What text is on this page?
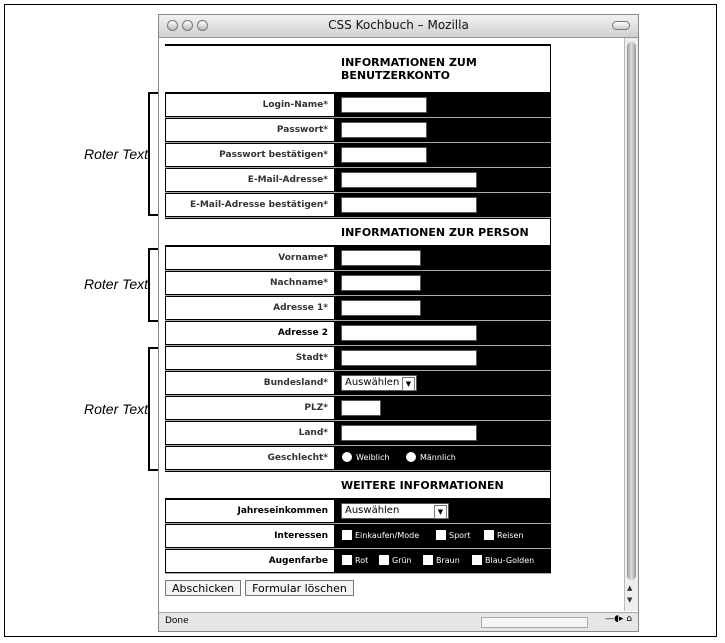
Roter Text
Roter Text
Roter Text
CSS Kochbuch – Mozilla
▲
▼
Done	—◖▸ ⌂
INFORMATIONEN ZUM BENUTZERKONTO
Login-Name*
Passwort*
Passwort bestätigen*
E-Mail-Adresse*
E-Mail-Adresse bestätigen*
INFORMATIONEN ZUR PERSON
Vorname*
Nachname*
Adresse 1*
Adresse 2
Stadt*
Bundesland*	Auswählen ▼
PLZ*
Land*
Geschlecht*	Weiblich	Männlich
WEITERE INFORMATIONEN
Jahreseinkommen	Auswählen	▼
Interessen	Einkaufen/Mode	Sport	Reisen
Augenfarbe	Rot	Grün	Braun	Blau-Golden
Abschicken	Formular löschen
